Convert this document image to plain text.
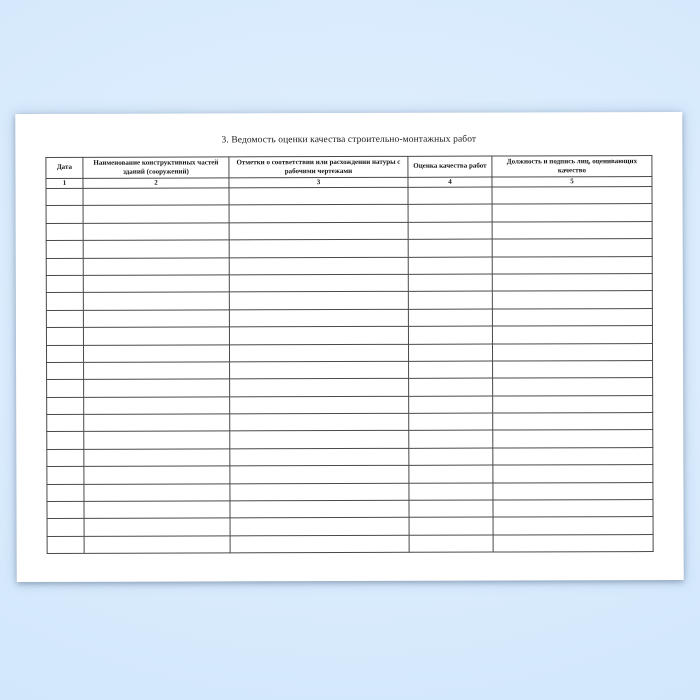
3. Ведомость оценки качества строительно-монтажных работ
Дата	Наименование конструктивных частей зданий (сооружений)	Отметки о соответствии или расхождении натуры с рабочими чертежами	Оценка качества работ	Должность и подпись лиц, оценивающих качество
1	2	3	4	5
